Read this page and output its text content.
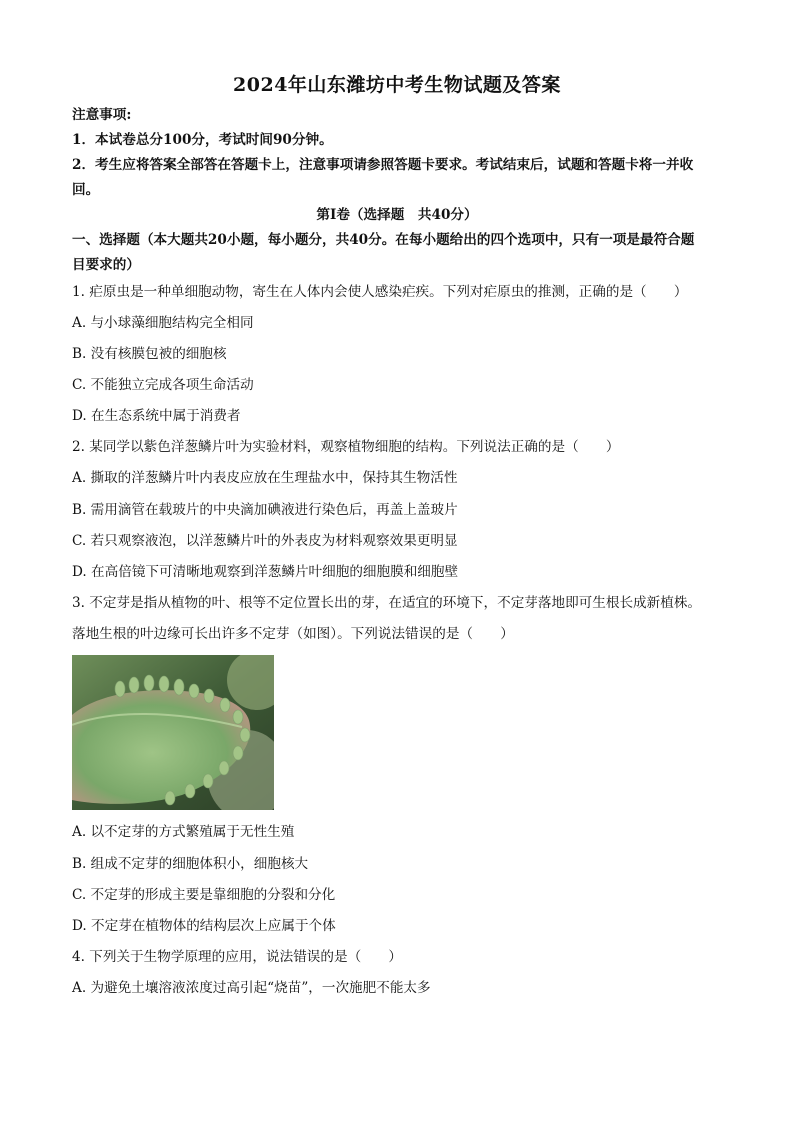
2024年山东潍坊中考生物试题及答案
注意事项:
1．本试卷总分100分，考试时间90分钟。
2．考生应将答案全部答在答题卡上，注意事项请参照答题卡要求。考试结束后，试题和答题卡将一并收
回。
第Ⅰ卷（选择题　共40分）
一、选择题（本大题共20小题，每小题分，共40分。在每小题给出的四个选项中，只有一项是最符合题
目要求的）
1. 疟原虫是一种单细胞动物，寄生在人体内会使人感染疟疾。下列对疟原虫的推测，正确的是（　　）
A. 与小球藻细胞结构完全相同
B. 没有核膜包被的细胞核
C. 不能独立完成各项生命活动
D. 在生态系统中属于消费者
2. 某同学以紫色洋葱鳞片叶为实验材料，观察植物细胞的结构。下列说法正确的是（　　）
A. 撕取的洋葱鳞片叶内表皮应放在生理盐水中，保持其生物活性
B. 需用滴管在载玻片的中央滴加碘液进行染色后，再盖上盖玻片
C. 若只观察液泡，以洋葱鳞片叶的外表皮为材料观察效果更明显
D. 在高倍镜下可清晰地观察到洋葱鳞片叶细胞的细胞膜和细胞壁
3. 不定芽是指从植物的叶、根等不定位置长出的芽，在适宜的环境下，不定芽落地即可生根长成新植株。
落地生根的叶边缘可长出许多不定芽（如图）。下列说法错误的是（　　）
A. 以不定芽的方式繁殖属于无性生殖
B. 组成不定芽的细胞体积小，细胞核大
C. 不定芽的形成主要是靠细胞的分裂和分化
D. 不定芽在植物体的结构层次上应属于个体
4. 下列关于生物学原理的应用，说法错误的是（　　）
A. 为避免土壤溶液浓度过高引起“烧苗”，一次施肥不能太多
